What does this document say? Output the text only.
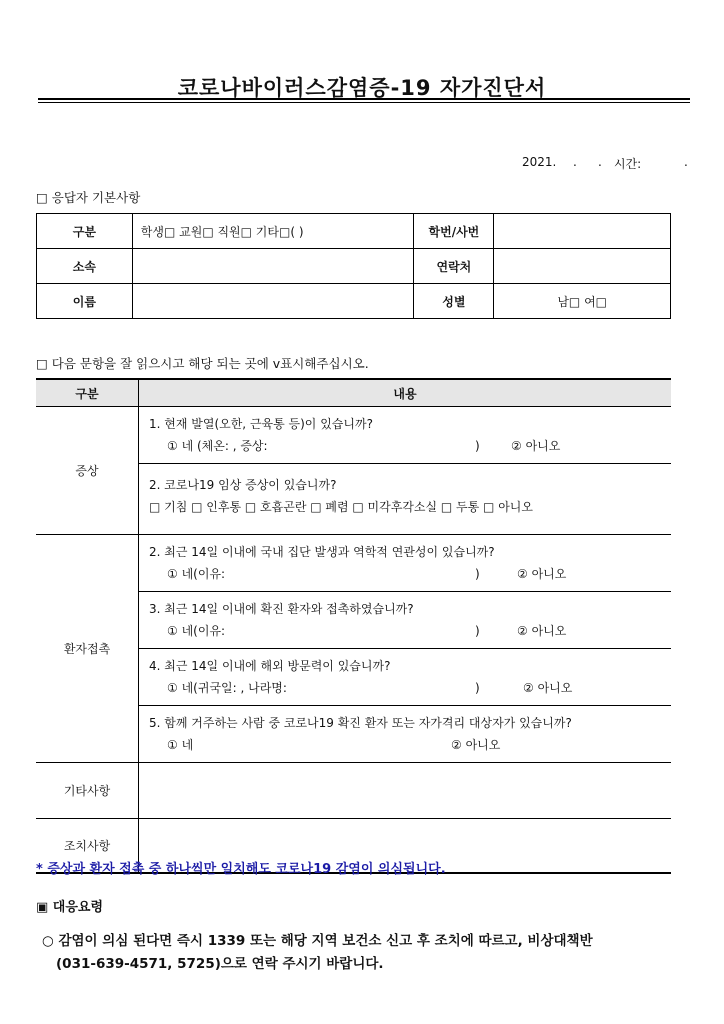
코로나바이러스감염증-19 자가진단서
2021. . . 시간:	.
□ 응답자 기본사항
구분	학생□ 교원□ 직원□ 기타□( )	학번/사번	
소속		연락처	
이름		성별	남□ 여□
□ 다음 문항을 잘 읽으시고 해당 되는 곳에 v표시해주십시오.
구분	내용
증상	1. 현재 발열(오한, 근육통 등)이 있습니까?
① 네 (체온: , 증상: ) ② 아니오

	2. 코로나19 임상 증상이 있습니까?
□ 기침 □ 인후통 □ 호흡곤란 □ 폐렴 □ 미각후각소실 □ 두통 □ 아니오

환자접촉	2. 최근 14일 이내에 국내 집단 발생과 역학적 연관성이 있습니까?
① 네(이유: ) ② 아니오

	3. 최근 14일 이내에 확진 환자와 접촉하였습니까?
① 네(이유: ) ② 아니오

	4. 최근 14일 이내에 해외 방문력이 있습니까?
① 네(귀국일: , 나라명: ) ② 아니오

	5. 함께 거주하는 사람 중 코로나19 확진 환자 또는 자가격리 대상자가 있습니까?
① 네 ② 아니오

기타사항	
조치사항	
* 증상과 환자 접촉 중 하나씩만 일치해도 코로나19 감염이 의심됩니다.
▣ 대응요령
○ 감염이 의심 된다면 즉시 1339 또는 해당 지역 보건소 신고 후 조치에 따르고, 비상대책반
(031-639-4571, 5725)으로 연락 주시기 바랍니다.
